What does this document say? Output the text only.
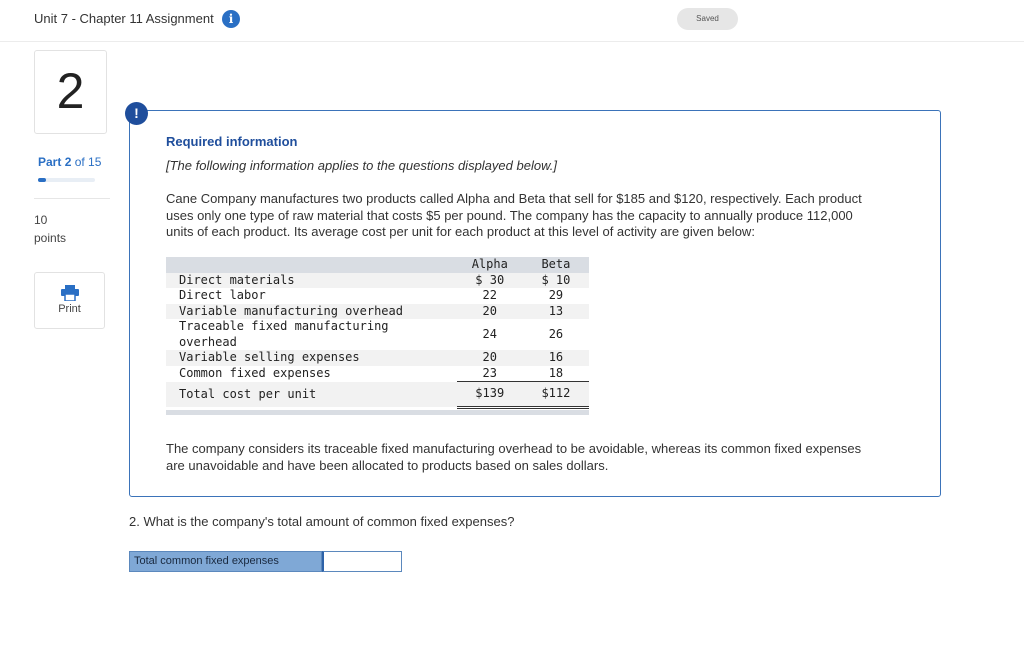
Unit 7 - Chapter 11 Assignment	i	Saved
2
Part 2 of 15
10
points
Print
!
Required information
[The following information applies to the questions displayed below.]
Cane Company manufactures two products called Alpha and Beta that sell for $185 and $120, respectively. Each product
uses only one type of raw material that costs $5 per pound. The company has the capacity to annually produce 112,000
units of each product. Its average cost per unit for each product at this level of activity are given below:
	Alpha	Beta
Direct materials	$ 30	$ 10
Direct labor	22	29
Variable manufacturing overhead	20	13

Traceable fixed manufacturing
overhead	24	26
Variable selling expenses	20	16
Common fixed expenses	23	18
Total cost per unit	$139	$112
The company considers its traceable fixed manufacturing overhead to be avoidable, whereas its common fixed expenses
are unavoidable and have been allocated to products based on sales dollars.
2. What is the company's total amount of common fixed expenses?
Total common fixed expenses
